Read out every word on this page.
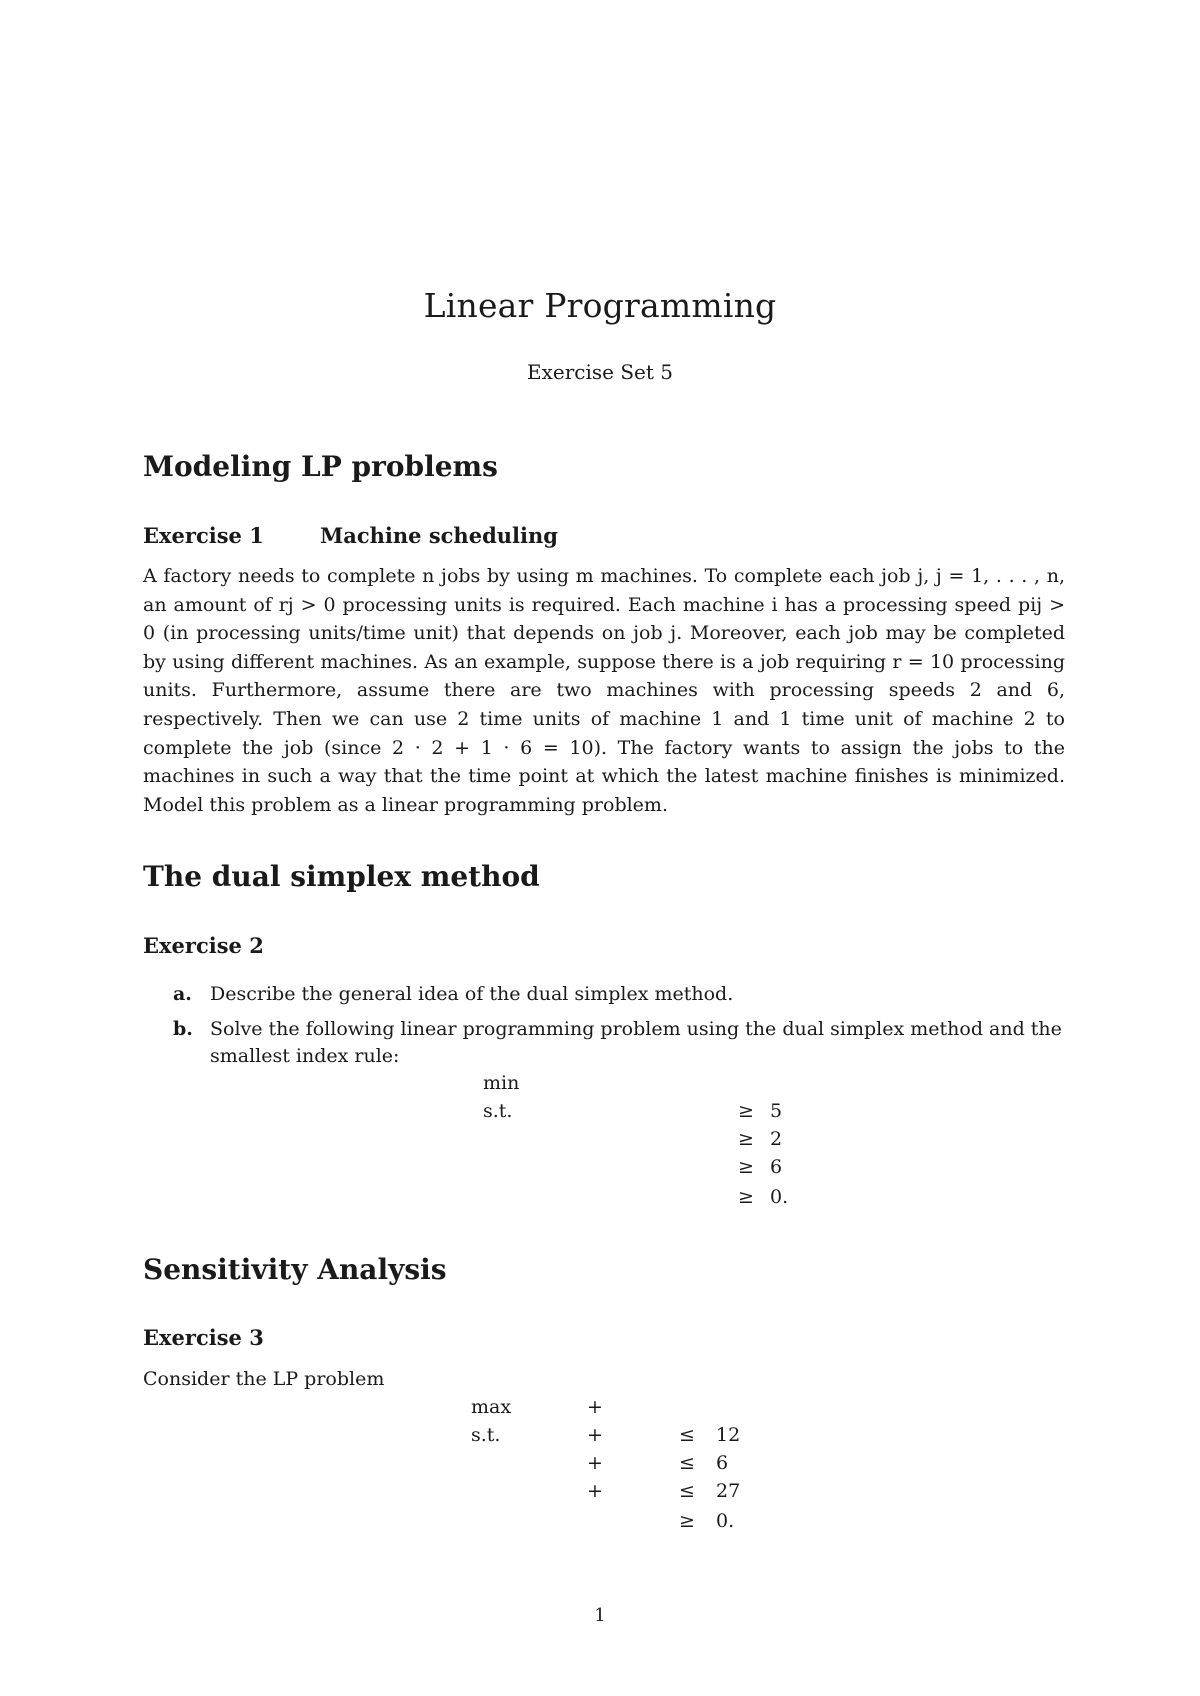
Linear Programming
Exercise Set 5
Modeling LP problems
Exercise 1	Machine scheduling

A factory needs to complete n jobs by using m machines. To complete each job j, j = 1, . . . , n, an amount of rj > 0 processing units is required. Each machine i has a processing speed pij > 0 (in processing units/time unit) that depends on job j. Moreover, each job may be completed by using different machines. As an example, suppose there is a job requiring r = 10 processing units. Furthermore, assume there are two machines with processing speeds 2 and 6, respectively. Then we can use 2 time units of machine 1 and 1 time unit of machine 2 to complete the job (since 2 · 2 + 1 · 6 = 10). The factory wants to assign the jobs to the machines in such a way that the time point at which the latest machine finishes is minimized. Model this problem as a linear programming problem.

The dual simplex method
Exercise 2
a. Describe the general idea of the dual simplex method.
b. Solve the following linear programming problem using the dual simplex method and the
smallest index rule:
min
s.t.	≥ 5
≥ 2
≥ 6
≥ 0.
Sensitivity Analysis
Exercise 3
Consider the LP problem
max	+
s.t.	+	≤ 12
+	≤ 6
+	≤ 27
≥ 0.
1
